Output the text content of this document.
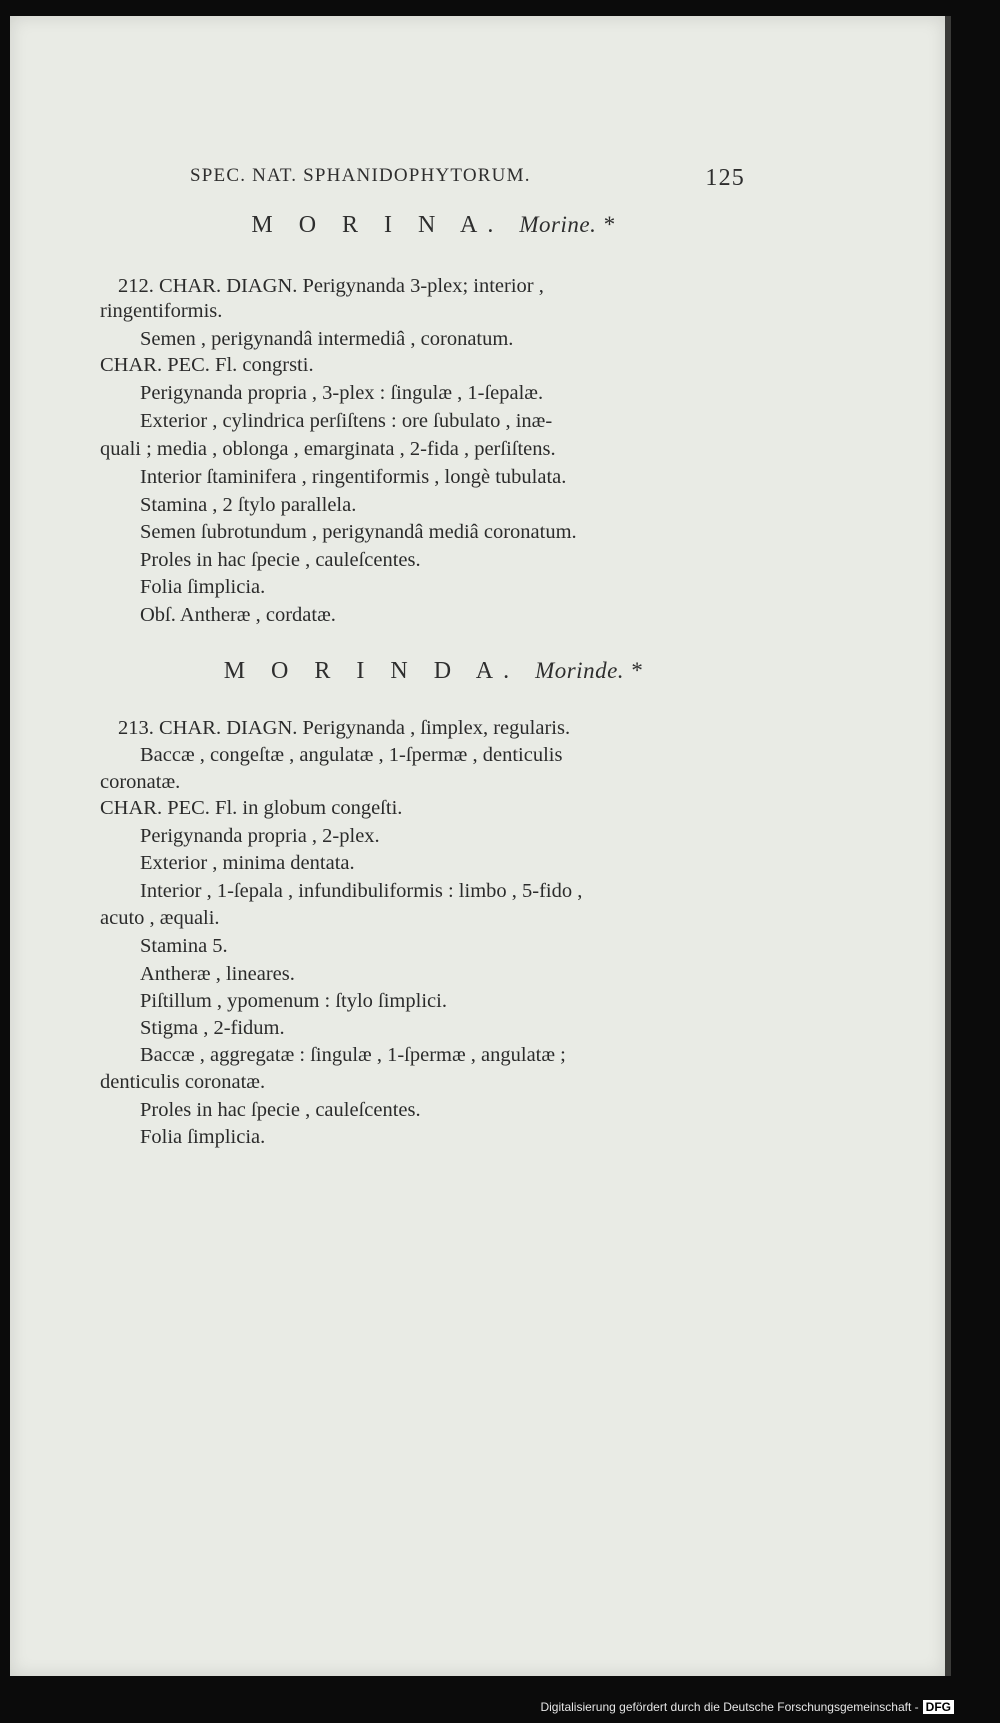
SPEC. NAT. SPHANIDOPHYTORUM.	125
M O R I N A. Morine. *
212. CHAR. DIAGN. Perigynanda 3-plex; interior ,
ringentiformis.
Semen , perigynandâ intermediâ , coronatum.
CHAR. PEC. Fl. congrsti.
Perigynanda propria , 3-plex : ſingulæ , 1-ſepalæ.
Exterior , cylindrica perſiſtens : ore ſubulato , inæ-
quali ; media , oblonga , emarginata , 2-fida , perſiſtens.
Interior ſtaminifera , ringentiformis , longè tubulata.
Stamina , 2 ſtylo parallela.
Semen ſubrotundum , perigynandâ mediâ coronatum.
Proles in hac ſpecie , cauleſcentes.
Folia ſimplicia.
Obſ. Antheræ , cordatæ.
M O R I N D A. Morinde. *
213. CHAR. DIAGN. Perigynanda , ſimplex, regularis.
Baccæ , congeſtæ , angulatæ , 1-ſpermæ , denticulis
coronatæ.
CHAR. PEC. Fl. in globum congeſti.
Perigynanda propria , 2-plex.
Exterior , minima dentata.
Interior , 1-ſepala , infundibuliformis : limbo , 5-fido ,
acuto , æquali.
Stamina 5.
Antheræ , lineares.
Piſtillum , ypomenum : ſtylo ſimplici.
Stigma , 2-fidum.
Baccæ , aggregatæ : ſingulæ , 1-ſpermæ , angulatæ ;
denticulis coronatæ.
Proles in hac ſpecie , cauleſcentes.
Folia ſimplicia.
Digitalisierung gefördert durch die Deutsche Forschungsgemeinschaft - DFG
